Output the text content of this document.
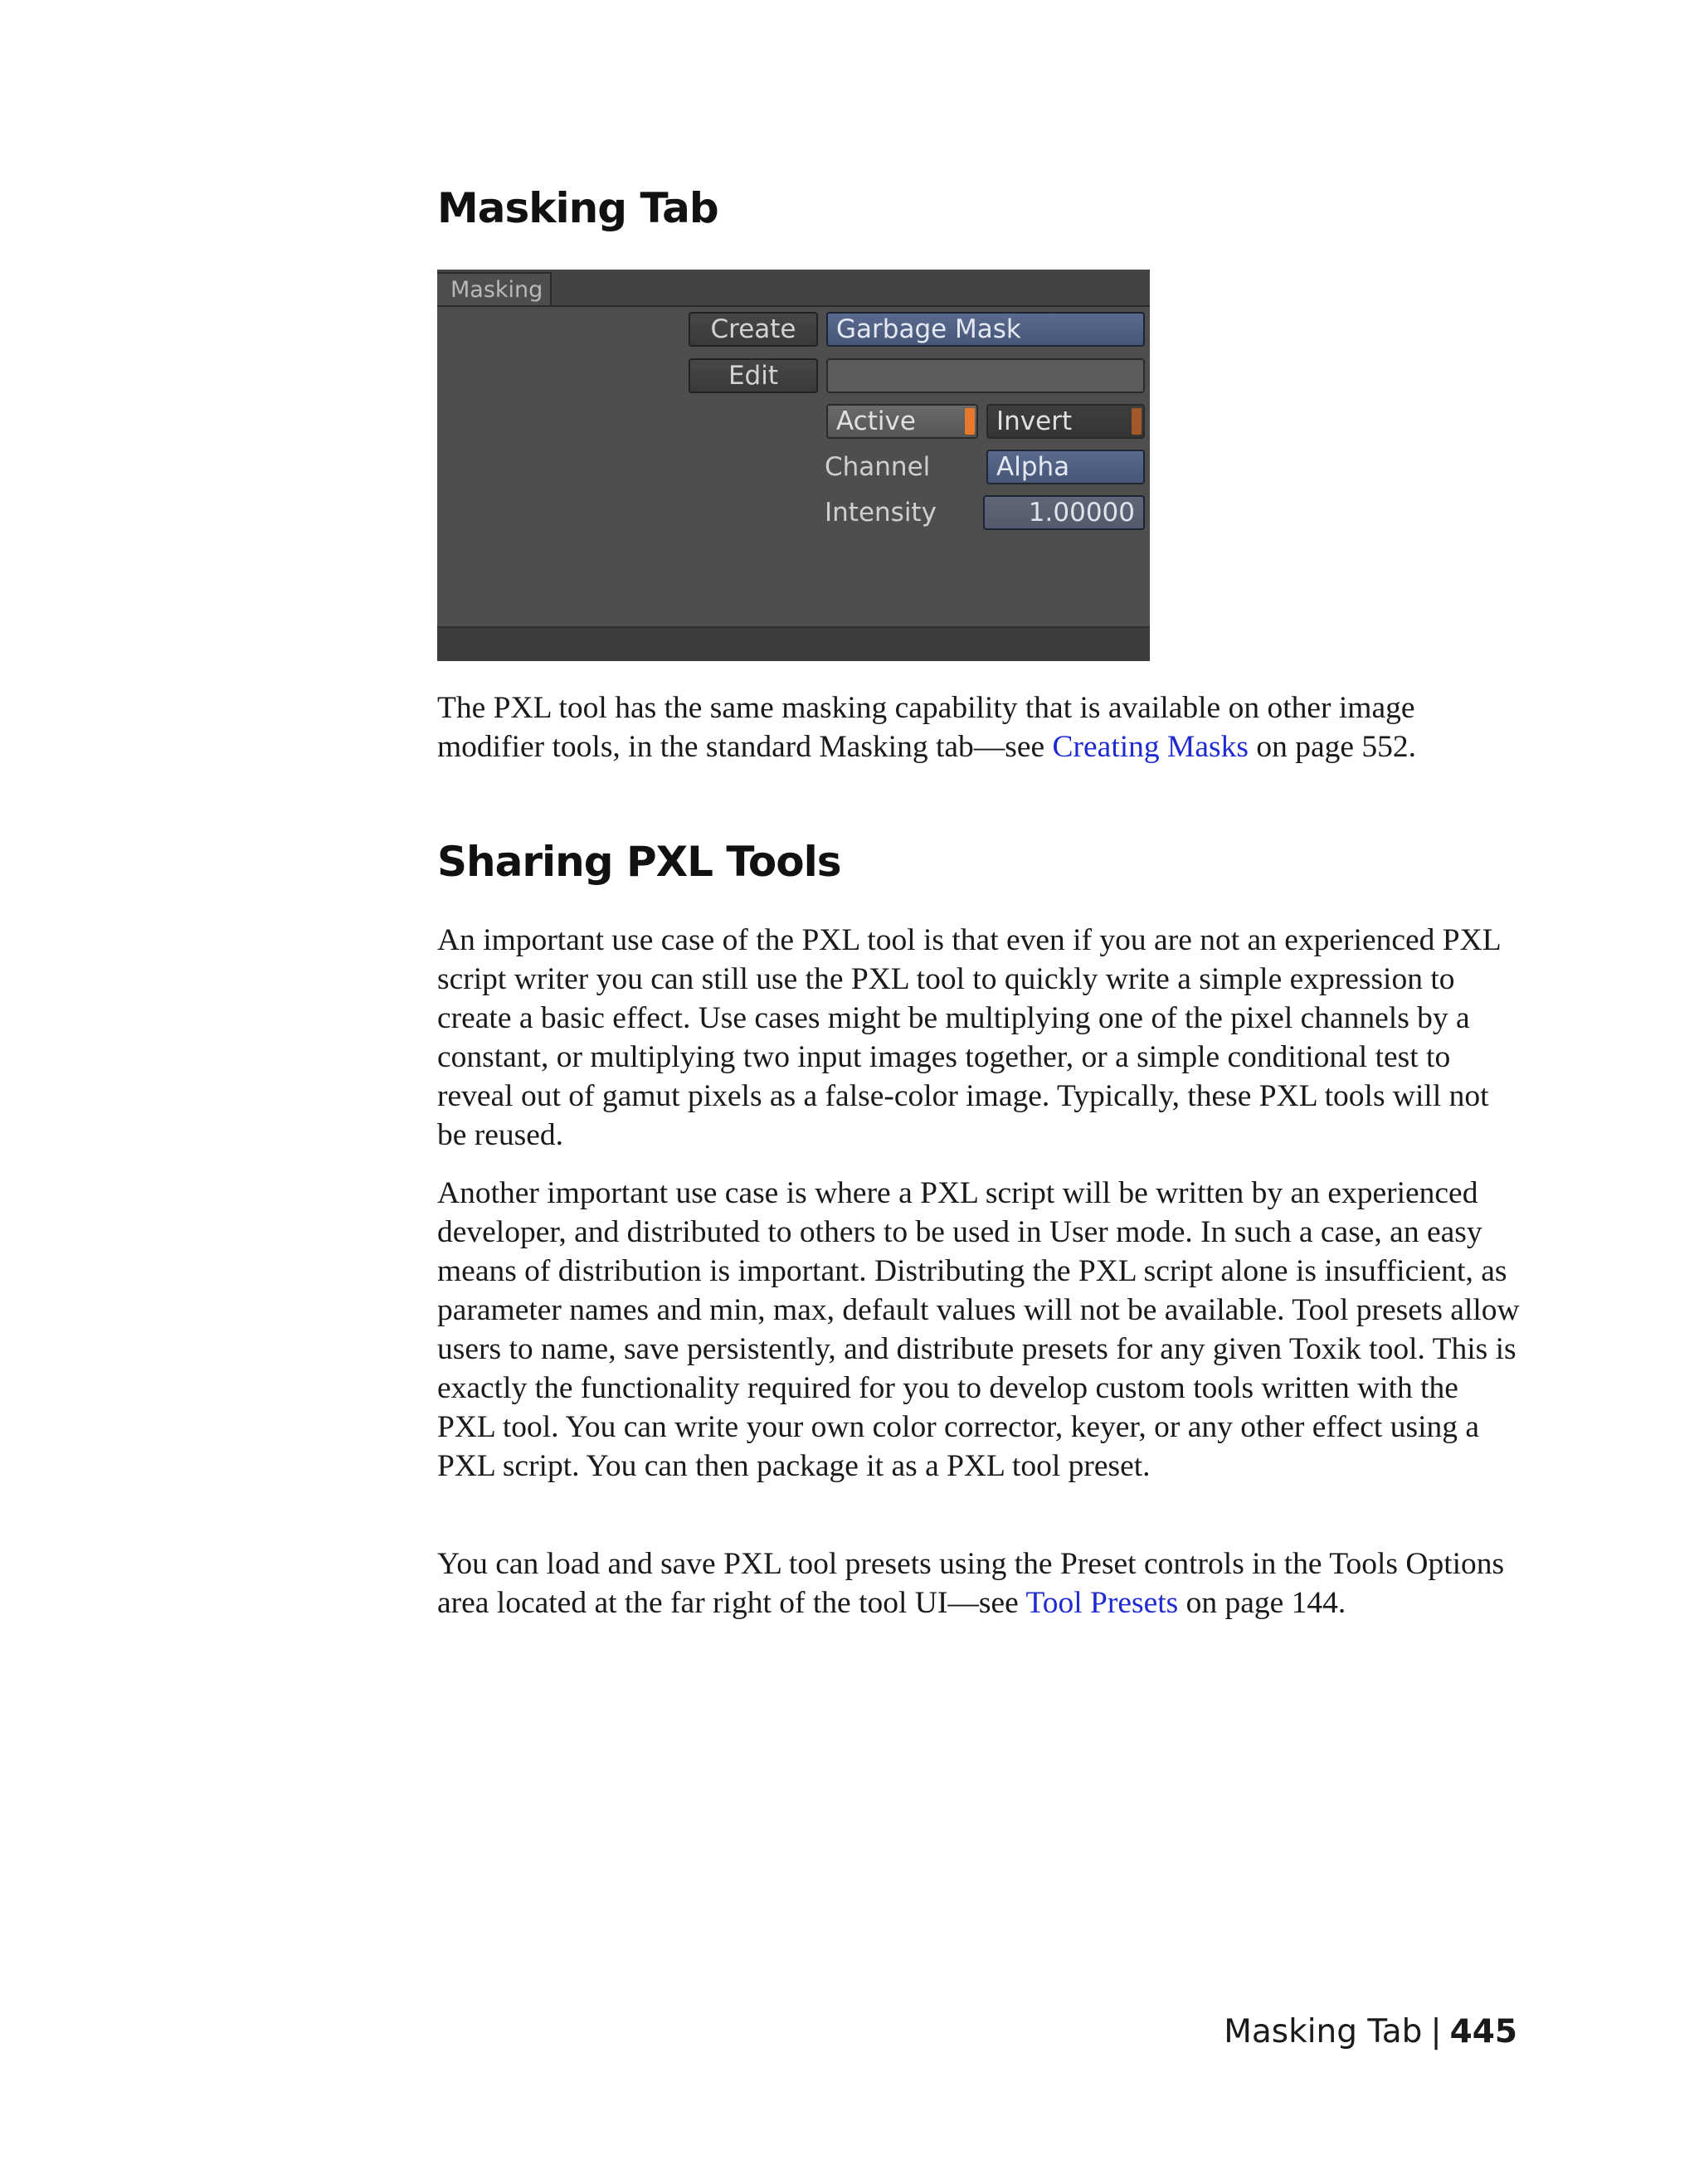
Masking Tab
Masking
Create	Garbage Mask
Edit
Active	Invert
Channel	Alpha
Intensity	1.00000

The PXL tool has the same masking capability that is available on other image modifier tools, in the standard Masking tab—see Creating Masks on page 552.

Sharing PXL Tools

An important use case of the PXL tool is that even if you are not an experienced PXL script writer you can still use the PXL tool to quickly write a simple expression to create a basic effect. Use cases might be multiplying one of the pixel channels by a constant, or multiplying two input images together, or a simple conditional test to reveal out of gamut pixels as a false-color image. Typically, these PXL tools will not be reused.

Another important use case is where a PXL script will be written by an experienced developer, and distributed to others to be used in User mode. In such a case, an easy means of distribution is important. Distributing the PXL script alone is insufficient, as parameter names and min, max, default values will not be available. Tool presets allow users to name, save persistently, and distribute presets for any given Toxik tool. This is exactly the functionality required for you to develop custom tools written with the PXL tool. You can write your own color corrector, keyer, or any other effect using a PXL script. You can then package it as a PXL tool preset.

You can load and save PXL tool presets using the Preset controls in the Tools Options area located at the far right of the tool UI—see Tool Presets on page 144.

Masking Tab | 445
